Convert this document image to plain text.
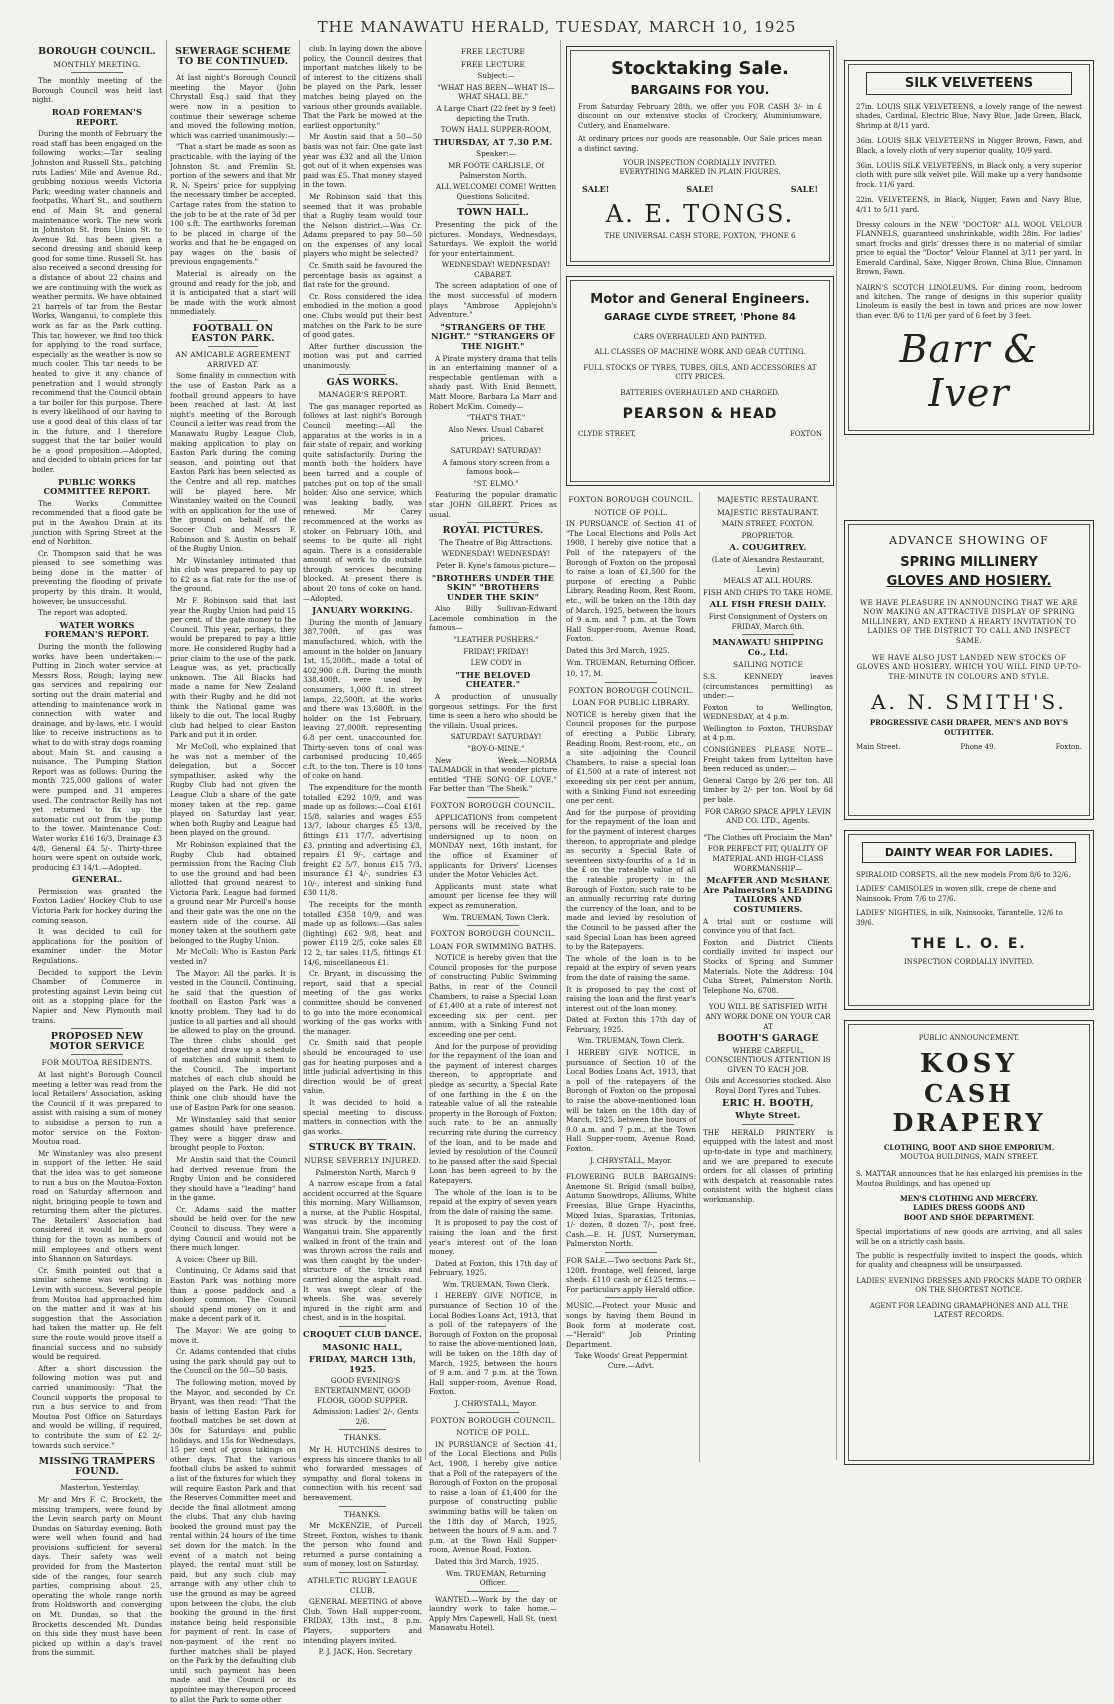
THE MANAWATU HERALD, TUESDAY, MARCH 10, 1925
BOROUGH COUNCIL.
MONTHLY MEETING.

The monthly meeting of the Borough Council was held last night.

ROAD FOREMAN'S REPORT.

During the month of February the road staff has been engaged on the following works:—Tar sealing Johnston and Russell Sts., patching ruts Ladies' Mile and Avenue Rd., grubbing noxious weeds Victoria Park; weeding water channels and footpaths, Wharf St., and southern end of Main St. and general maintenance work. The new work in Johnston St. from Union St. to Avenue Rd. has been given a second dressing and should keep good for some time. Russell St. has also received a second dressing for a distance of about 22 chains and we are continuing with the work as weather permits. We have obtained 21 barrels of tar from the Bestar Works, Wanganui, to complete this work as far as the Park cutting. This tar, however, we find too thick for applying to the road surface, especially as the weather is now so much cooler. This tar needs to be heated to give it any chance of penetration and I would strongly recommend that the Council obtain a tar boiler for this purpose. There is every likelihood of our having to use a good deal of this class of tar in the future, and I therefore suggest that the tar boiler would be a good proposition.—Adopted, and decided to obtain prices for tar boiler.

PUBLIC WORKS COMMITTEE REPORT.

The Works Committee recommended that a flood gate be put in the Awahou Drain at its junction with Spring Street at the end of Norbiton.

Cr. Thompson said that he was pleased to see something was being done in the matter of preventing the flooding of private property by this drain. It would, however, be unsuccessful.

The report was adopted.

WATER WORKS FOREMAN'S REPORT.

During the month the following works have been undertaken:—Putting in 2inch water service at Messrs Ross, Rough; laying new gas services and repairing our sorting out the drain material and attending to maintenance work in connection with water and drainage, and by-laws, etc. I would like to receive instructions as to what to do with stray dogs roaming about Main St. and causing a nuisance. The Pumping Station Report was as follows: During the month 725,000 gallons of water were pumped and 31 amperes used. The contractor Reilly has not yet returned to fix up the automatic cut out from the pump to the tower. Maintenance Cost: Water works £16 16/3, Drainage £3 4/8, General £4 5/-. Thirty-three hours were spent on outside work, producing £3 14/1.—Adopted.

GENERAL.

Permission was granted the Foxton Ladies' Hockey Club to use Victoria Park for hockey during the coming season.

It was decided to call for applications for the position of examiner under the Motor Regulations.

Decided to support the Levin Chamber of Commerce in protesting against Levin being cut out as a stopping place for the Napier and New Plymouth mail trains.

PROPOSED NEW MOTOR SERVICE
FOR MOUTOA RESIDENTS.

At last night's Borough Council meeting a letter was read from the local Retailers' Association, asking the Council if it was prepared to assist with raising a sum of money to subsidise a person to run a motor service on the Foxton-Moutoa road.

Mr Winstanley was also present in support of the letter. He said that the idea was to get someone to run a bus on the Moutoa-Foxton road on Saturday afternoon and night, bringing people to town and returning them after the pictures. The Retailers' Association had considered it would be a good thing for the town as numbers of mill employees and others went into Shannon on Saturdays.

Cr. Smith pointed out that a similar scheme was working in Levin with success. Several people from Moutoa had approached him on the matter and it was at his suggestion that the Association had taken the matter up. He felt sure the route would prove itself a financial success and no subsidy would be required.

After a short discussion the following motion was put and carried unanimously: "That the Council supports the proposal to run a bus service to and from Moutoa Post Office on Saturdays and would be willing, if required, to contribute the sum of £2 2/- towards such service."

MISSING TRAMPERS FOUND.

Masterton, Yesterday.

Mr and Mrs F. C. Brockett, the missing trampers, were found by the Levin search party on Mount Dundas on Saturday evening. Both were well when found and had provisions sufficient for several days. Their safety was well provided for from the Masterton side of the ranges, four search parties, comprising about 25, operating the whole range north from Holdsworth and converging on Mt. Dundas, so that the Brocketts descended Mt. Dundas on this side they must have been picked up within a day's travel from the summit.

SEWERAGE SCHEME TO BE CONTINUED.

At last night's Borough Council meeting the Mayor (John Chrystall Esq.) said that they were now in a position to continue their sewerage scheme and moved the following motion, which was carried unanimously:—

"That a start be made as soon as practicable, with the laying of the Johnston St. and Fremlin St. portion of the sewers and that Mr R. N. Speirs' price for supplying the necessary timber be accepted. Cartage rates from the station to the job to be at the rate of 3d per 100 s.ft. The earthworks foreman to be placed in charge of the works and that he be engaged on pay wages on the basis of previous engagements."

Material is already on the ground and ready for the job, and it is anticipated that a start will be made with the work almost immediately.

FOOTBALL ON EASTON PARK.
AN AMICABLE AGREEMENT ARRIVED AT.

Some finality in connection with the use of Easton Park as a football ground appears to have been reached at last. At last night's meeting of the Borough Council a letter was read from the Manawatu Rugby League Club, making application to play on Easton Park during the coming season, and pointing out that Easton Park has been selected as the Centre and all rep. matches will be played here. Mr Winstanley waited on the Council with an application for the use of the ground on behalf of the Soccer Club and Messrs F. Robinson and S. Austin on behalf of the Rugby Union.

Mr Winstanley intimated that his club was prepared to pay up to £2 as a flat rate for the use of the ground.

Mr F. Robinson said that last year the Rugby Union had paid 15 per cent. of the gate money to the Council. This year, perhaps, they would be prepared to pay a little more. He considered Rugby had a prior claim to the use of the park. League was, as yet, practically unknown. The All Blacks had made a name for New Zealand with their Rugby and he did not think the National game was likely to die out. The local Rugby club had helped to clear Easton Park and put it in order.

Mr McColl, who explained that he was not a member of the delegation, but a Soccer sympathiser, asked why the Rugby Club had not given the League Club a share of the gate money taken at the rep. game played on Saturday last year, when both Rugby and League had been played on the ground.

Mr Robinson explained that the Rugby Club had obtained permission from the Racing Club to use the ground and had been allotted that ground nearest to Victoria Park. League had formed a ground near Mr Purcell's house and their gate was the one on the eastern side of the course. All money taken at the southern gate belonged to the Rugby Union.

Mr McColl: Who is Easton Park vested in?

The Mayor: All the parks. It is vested in the Council. Continuing, he said that the question of football on Easton Park was a knotty problem. They had to do justice to all parties and all should be allowed to play on the ground. The three clubs should get together and draw up a schedule of matches and submit them to the Council. The important matches of each club should be played on the Park. He did not think one club should have the use of Easton Park for one season.

Mr Winstanley said that senior games should have preference. They were a bigger draw and brought people to Foxton.

Mr Austin said that the Council had derived revenue from the Rugby Union and he considered they should have a "leading" hand in the game.

Cr. Adams said the matter should be held over for the new Council to discuss. They were a dying Council and would not be there much longer.

A voice: Cheer up Bill.

Continuing, Cr Adams said that Easton Park was nothing more than a goose paddock and a donkey common. The Council should spend money on it and make a decent park of it.

The Mayor: We are going to move it.

Cr. Adams contended that clubs using the park should pay out to the Council on the 50—50 basis.

The following motion, moved by the Mayor, and seconded by Cr. Bryant, was then read: "That the basis of letting Easton Park for football matches be set down at 30s for Saturdays and public holidays, and 15s for Wednesdays, 15 per cent of gross takings on other days. That the various football clubs be asked to submit a list of the fixtures for which they will require Easton Park and that the Reserves Committee meet and decide the final allotment among the clubs. That any club having booked the ground must pay the rental within 24 hours of the time set down for the match. In the event of a match not being played, the rental must still be paid, but any such club may arrange with any other club to use the ground as may be agreed upon between the clubs, the club booking the ground in the first instance being held responsible for payment of rent. In case of non-payment of the rent no further matches shall be played on the Park by the defaulting club until such payment has been made and the Council or its appointee may thereupon proceed to allot the Park to some other

club. In laying down the above policy, the Council desires that important matches likely to be of interest to the citizens shall be played on the Park, lesser matches being played on the various other grounds available. That the Park be mowed at the earliest opportunity."

Mr Austin said that a 50—50 basis was not fair. One gate last year was £32 and all the Union got out of it when expenses was paid was £5. That money stayed in the town.

Mr Robinson said that this seemed that it was probable that a Rugby team would tour the Nelson district.—Was Cr. Adams prepared to pay 50—50 on the expenses of any local players who might be selected?

Cr. Smith said he favoured the percentage basis as against a flat rate for the ground.

Cr. Ross considered the idea embodied in the motion a good one. Clubs would put their best matches on the Park to be sure of good gates.

After further discussion the motion was put and carried unanimously.

GAS WORKS.
MANAGER'S REPORT.

The gas manager reported as follows at last night's Borough Council meeting:—All the apparatus at the works is in a fair state of repair, and working quite satisfactorily. During the month both the holders have been tarred and a couple of patches put on top of the small holder. Also one service, which was leaking badly, was renewed. Mr Carey recommenced at the works as stoker on February 10th, and seems to be quite all right again. There is a considerable amount of work to do outside through services becoming blocked. At present there is about 20 tons of coke on hand.—Adopted.

JANUARY WORKING.

During the month of January 387,700ft. of gas was manufactured, which, with the amount in the holder on January 1st, 15,200ft., made a total of 402,900 c.ft. During the month 338,400ft. were used by consumers, 1,000 ft. in street lamps, 22,500ft. at the works and there was 13,600ft. in the holder on the 1st February, leaving 27,000ft. representing 6.8 per cent. unaccounted for. Thirty-seven tons of coal was carbonised producing 10,465 c.ft. to the ton. There is 10 tons of coke on hand.

The expenditure for the month totalled £292 10/9, and was made up as follows:—Coal £161 15/8, salaries and wages £55 13/7, labour charges £5 13/8, fittings £11 17/7, advertising £3, printing and advertising £3, repairs £1 9/-, cartage and freight £2 5/7, bonus £15 7/3, insurance £1 4/-, sundries £3 10/-, interest and sinking fund £30 11/8.

The receipts for the month totalled £358 10/9, and was made up as follows:—Gas sales (lighting) £62 9/8, heat and power £119 2/5, coke sales £8 12 2, tar sales 11/5, fittings £1 14/6, miscellaneous £1.

Cr. Bryant, in discussing the report, said that a special meeting of the gas works committee should be convened to go into the more economical working of the gas works with the manager.

Cr. Smith said that people should be encouraged to use gas for heating purposes and a little judicial advertising in this direction would be of great value.

It was decided to hold a special meeting to discuss matters in connection with the gas works.

STRUCK BY TRAIN.
NURSE SEVERELY INJURED.

Palmerston North, March 9

A narrow escape from a fatal accident occurred at the Square this morning. Mary Williamson, a nurse, at the Public Hospital, was struck by the incoming Wanganui train. She apparently walked in front of the train and was thrown across the rails and was then caught by the under-structure of the trucks and carried along the asphalt road. It was swept clear of the wheels. She was severely injured in the right arm and chest, and is in the hospital.

CROQUET CLUB DANCE.
MASONIC HALL,
FRIDAY, MARCH 13th, 1925.

GOOD EVENING'S ENTERTAINMENT, GOOD FLOOR, GOOD SUPPER.

Admission: Ladies' 2/-, Gents 2/6.

THANKS.

Mr H. HUTCHINS desires to express his sincere thanks to all who forwarded messages of sympathy and floral tokens in connection with his recent sad bereavement.

THANKS.

Mr McKENZIE, of Purcell Street, Foxton, wishes to thank the person who found and returned a purse containing a sum of money, lost on Saturday.

ATHLETIC RUGBY LEAGUE CLUB.

GENERAL MEETING of above Club, Town Hall supper-room, FRIDAY, 13th inst., 8 p.m. Players, supporters and intending players invited.

P. J. JACK, Hon. Secretary

FREE LECTURE
FREE LECTURE

Subject:—

"WHAT HAS BEEN—WHAT IS—WHAT SHALL BE."

A Large Chart (22 feet by 9 feet) depicting the Truth.

TOWN HALL SUPPER-ROOM,

THURSDAY, AT 7.30 P.M.

Speaker:—

MR FOOTE CARLISLE, Of Palmerston North.

ALL WELCOME! COME! Written Questions Solicited.

TOWN HALL.

Presenting the pick of the pictures. Mondays, Wednesdays, Saturdays. We exploit the world for your entertainment.

WEDNESDAY! WEDNESDAY! CABARET.

The screen adaptation of one of the most successful of modern plays "Ambrose Applejohn's Adventure."

"STRANGERS OF THE NIGHT." "STRANGERS OF THE NIGHT."

A Pirate mystery drama that tells in an entertaining manner of a respectable gentleman with a shady past. With Enid Bennett, Matt Moore, Barbara La Marr and Robert McKim. Comedy—

"THAT'S THAT."

Also News. Usual Cabaret prices.

SATURDAY! SATURDAY!

A famous story screen from a famous book—

"ST. ELMO."

Featuring the popular dramatic star JOHN GILBERT. Prices as usual.

ROYAL PICTURES.

The Theatre of Big Attractions.

WEDNESDAY! WEDNESDAY!

Peter B. Kyne's famous picture—

"BROTHERS UNDER THE SKIN" "BROTHERS UNDER THE SKIN"

Also Billy Sullivan-Edward Lacemole combination in the famous—

"LEATHER PUSHERS."

FRIDAY! FRIDAY!

LEW CODY in

"THE BELOVED CHEATER."

A production of unusually gorgeous settings. For the first time is seen a hero who should be the villain. Usual prices.

SATURDAY! SATURDAY!

"BOY-O-MINE."

New Week.—NORMA TALMADGE in that wonder picture entitled "THE SONG OF LOVE." Far better than "The Sheik."

FOXTON BOROUGH COUNCIL.

APPLICATIONS from competent persons will be received by the undersigned up to noon on MONDAY next, 16th instant, for the office of Examiner of applicants for Drivers' Licenses under the Motor Vehicles Act.

Applicants must state what amount per license fee they will expect as remuneration.

Wm. TRUEMAN, Town Clerk.

FOXTON BOROUGH COUNCIL.
LOAN FOR SWIMMING BATHS.

NOTICE is hereby given that the Council proposes for the purpose of constructing Public Swimming Baths, in rear of the Council Chambers, to raise a Special Loan of £1,400 at a rate of interest not exceeding six per cent. per annum, with a Sinking Fund not exceeding one per cent.

And for the purpose of providing for the repayment of the loan and the payment of interest charges thereon, to appropriate and pledge as security, a Special Rate of one farthing in the £ on the rateable value of all the rateable property in the Borough of Foxton; such rate to be an annually recurring rate during the currency of the loan, and to be made and levied by resolution of the Council to be passed after the said Special Loan has been agreed to by the Ratepayers.

The whole of the loan is to be repaid at the expiry of seven years from the date of raising the same.

It is proposed to pay the cost of raising the loan and the first year's interest out of the loan money.

Dated at Foxton, this 17th day of February, 1925.

Wm. TRUEMAN, Town Clerk.

I HEREBY GIVE NOTICE, in pursuance of Section 10 of the Local Bodies Loans Act, 1913, that a poll of the ratepayers of the Borough of Foxton on the proposal to raise the above-mentioned loan, will be taken on the 18th day of March, 1925, between the hours of 9 a.m. and 7 p.m. at the Town Hall supper-room, Avenue Road, Foxton.

J. CHRYSTALL, Mayor.

FOXTON BOROUGH COUNCIL.
NOTICE OF POLL.

IN PURSUANCE of Section 41, of the Local Elections and Polls Act, 1908, I hereby give notice that a Poll of the ratepayers of the Borough of Foxton on the proposal to raise a loan of £1,400 for the purpose of constructing public swimming baths will be taken on the 18th day of March, 1925, between the hours of 9 a.m. and 7 p.m. at the Town Hall Supper-room, Avenue Road, Foxton.

Dated this 3rd March, 1925.

Wm. TRUEMAN, Returning Officer.

WANTED.—Work by the day or laundry work to take home.—Apply Mrs Capewell, Hall St. (next Manawatu Hotel).

Stocktaking Sale.
BARGAINS FOR YOU.

From Saturday February 28th, we offer you FOR CASH 3/- in £ discount on our extensive stocks of Crockery, Aluminiumware, Cutlery, and Enamelware.

At ordinary prices our goods are reasonable. Our Sale prices mean a distinct saving.

YOUR INSPECTION CORDIALLY INVITED.

EVERYTHING MARKED IN PLAIN FIGURES.

SALE!	SALE!	SALE!
A. E. TONGS.

THE UNIVERSAL CASH STORE, FOXTON, 'PHONE 6

Motor and General Engineers.
GARAGE CLYDE STREET, 'Phone 84

CARS OVERHAULED AND PAINTED.

ALL CLASSES OF MACHINE WORK AND GEAR CUTTING.

FULL STOCKS OF TYRES, TUBES, OILS, AND ACCESSORIES AT CITY PRICES.

BATTERIES OVERHAULED AND CHARGED.

PEARSON & HEAD
CLYDE STREET,	FOXTON
FOXTON BOROUGH COUNCIL.
NOTICE OF POLL.

IN PURSUANCE of Section 41 of "The Local Elections and Polls Act 1908, I hereby give notice that a Poll of the ratepayers of the Borough of Foxton on the proposal to raise a loan of £1,500 for the purpose of erecting a Public Library, Reading Room, Rest Room, etc., will be taken on the 18th day of March, 1925, between the hours of 9 a.m. and 7 p.m. at the Town Hall Supper-room, Avenue Road, Foxton.

Dated this 3rd March, 1925.

Wm. TRUEMAN, Returning Officer.

10, 17, M.

FOXTON BOROUGH COUNCIL.
LOAN FOR PUBLIC LIBRARY.

NOTICE is hereby given that the Council proposes for the purpose of erecting a Public Library, Reading Room, Rest-room, etc., on a site adjoining the Council Chambers, to raise a special loan of £1,500 at a rate of interest not exceeding six per cent per annum, with a Sinking Fund not exceeding one per cent.

And for the purpose of providing for the repayment of the loan and for the payment of interest charges thereon, to appropriate and pledge as security a Special Rate of seventeen sixty-fourths of a 1d in the £ on the rateable value of all the rateable property in the Borough of Foxton; such rate to be an annually recurring rate during the currency of the loan, and to be made and levied by resolution of the Council to be passed after the said Special Loan has been agreed to by the Ratepayers.

The whole of the loan is to be repaid at the expiry of seven years from the date of raising the same.

It is proposed to pay the cost of raising the loan and the first year's interest out of the loan money.

Dated at Foxton this 17th day of February, 1925.

Wm. TRUEMAN, Town Clerk.

I HEREBY GIVE NOTICE, in pursuance of Section 10 of the Local Bodies Loans Act, 1913, that a poll of the ratepayers of the Borough of Foxton on the proposal to raise the above-mentioned loan will be taken on the 18th day of March, 1925, between the hours of 9.0 a.m. and 7 p.m., at the Town Hall Supper-room, Avenue Road, Foxton.

J. CHRYSTALL, Mayor.

FLOWERING BULB BARGAINS: Anemone St. Brigid (small bulbs), Autumn Snowdrops, Alliums, White Freesias, Blue Grape Hyacinths, Mixed Ixias, Sparaxias, Tritonias, 1/- dozen, 8 dozen 7/-, post free, Cash.—E. H. JUST, Nurseryman, Palmerston North.

FOR SALE.—Two sections Park St., 120ft. frontage, well fenced, large sheds. £110 cash or £125 terms.—For particulars apply Herald office.

MUSIC.—Protect your Music and songs by having them Bound in Book form at moderate cost.—"Herald" Job Printing Department.

Take Woods' Great Peppermint Cure.—Advt.

MAJESTIC RESTAURANT.
MAJESTIC RESTAURANT.

MAIN STREET, FOXTON.

PROPRIETOR.

A. COUGHTREY.

(Late of Alexandra Restaurant, Levin)

MEALS AT ALL HOURS.

FISH AND CHIPS TO TAKE HOME.

ALL FISH FRESH DAILY.

First Consignment of Oysters on FRIDAY, March 6th.

MANAWATU SHIPPING Co., Ltd.
SAILING NOTICE

S.S. KENNEDY leaves (circumstances permitting) as under:—

Foxton to Wellington, WEDNESDAY, at 4 p.m.

Wellington to Foxton, THURSDAY at 4 p.m.

CONSIGNEES PLEASE NOTE—Freight taken from Lyttelton have been reduced as under:—

General Cargo by 2/6 per ton. All timber by 2/- per ton. Wool by 6d per bale.

FOR CARGO SPACE APPLY LEVIN AND CO. LTD., Agents.

"The Clothes oft Proclaim the Man"

FOR PERFECT FIT, QUALITY OF MATERIAL AND HIGH-CLASS WORKMANSHIP—

McAFFER AND McSHANE Are Palmerston's LEADING TAILORS AND COSTUMIERS.

A trial suit or costume will convince you of that fact.

Foxton and District Clients cordially invited to inspect our Stocks of Spring and Summer Materials. Note the Address: 104 Cuba Street, Palmerston North. Telephone No. 6708.

YOU WILL BE SATISFIED WITH ANY WORK DONE ON YOUR CAR AT

BOOTH'S GARAGE

WHERE CAREFUL, CONSCIENTIOUS ATTENTION IS GIVEN TO EACH JOB.

Oils and Accessories stocked. Also Royal Dord Tyres and Tubes.

ERIC H. BOOTH,
Whyte Street.

THE HERALD PRINTERY is equipped with the latest and most up-to-date in type and machinery, and we are prepared to execute orders for all classes of printing with despatch at reasonable rates consistent with the highest class workmanship.

SILK VELVETEENS

27in. LOUIS SILK VELVETEENS, a lovely range of the newest shades, Cardinal, Electric Blue, Navy Blue, Jade Green, Black, Shrimp at 8/11 yard.

36in. LOUIS SILK VELVETEENS in Nigger Brown, Fawn, and Black, a lovely cloth of very superior quality, 10/9 yard.

36in. LOUIS SILK VELVETEENS, in Black only, a very superior cloth with pure silk velvet pile. Will make up a very handsome frock. 11/6 yard.

22in. VELVETEENS, in Black, Nigger, Fawn and Navy Blue, 4/11 to 5/11 yard.

Dressy colours in the NEW "DOCTOR" ALL WOOL VELOUR FLANNELS, guaranteed unshrinkable, width 28in. For ladies' smart frocks and girls' dresses there is no material of similar price to equal the "Doctor" Velour Flannel at 3/11 per yard. In Emerald Cardinal, Saxe, Nigger Brown, China Blue, Cinnamon Brown, Fawn.

NAIRN'S SCOTCH LINOLEUMS. For dining room, bedroom and kitchen. The range of designs in this superior quality Linoleum is easily the best in town and prices are now lower than ever. 8/6 to 11/6 per yard of 6 feet by 3 feet.

Barr & Iver
ADVANCE SHOWING OF
SPRING MILLINERY
GLOVES AND HOSIERY.

WE HAVE PLEASURE IN ANNOUNCING THAT WE ARE NOW MAKING AN ATTRACTIVE DISPLAY OF SPRING MILLINERY, AND EXTEND A HEARTY INVITATION TO LADIES OF THE DISTRICT TO CALL AND INSPECT SAME.

WE HAVE ALSO JUST LANDED NEW STOCKS OF GLOVES AND HOSIERY, WHICH YOU WILL FIND UP-TO-THE-MINUTE IN COLOURS AND STYLE.

A. N. SMITH'S.

PROGRESSIVE CASH DRAPER, MEN'S AND BOY'S OUTFITTER.

Main Street.	Phone 49.	Foxton.
DAINTY WEAR FOR LADIES.

SPIRALOID CORSETS, all the new models From 8/6 to 32/6.

LADIES' CAMISOLES in woven silk, crepe de chene and Nainsook, From 7/6 to 27/6.

LADIES' NIGHTIES, in silk, Nainsooks, Tarantelle, 12/6 to 39/6.

THE L. O. E.

INSPECTION CORDIALLY INVITED.

PUBLIC ANNOUNCEMENT.

KOSY
CASH DRAPERY

CLOTHING, BOOT AND SHOE EMPORIUM.

MOUTOA BUILDINGS, MAIN STREET.

S. MATTAR announces that he has enlarged his premises in the Moutoa Buildings, and has opened up

MEN'S CLOTHING AND MERCERY.

LADIES DRESS GOODS AND

BOOT AND SHOE DEPARTMENT.

Special importations of new goods are arriving, and all sales will be on a strictly cash basis.

The public is respectfully invited to inspect the goods, which for quality and cheapness will be unsurpassed.

LADIES' EVENING DRESSES AND FROCKS MADE TO ORDER ON THE SHORTEST NOTICE.

AGENT FOR LEADING GRAMAPHONES AND ALL THE LATEST RECORDS.
